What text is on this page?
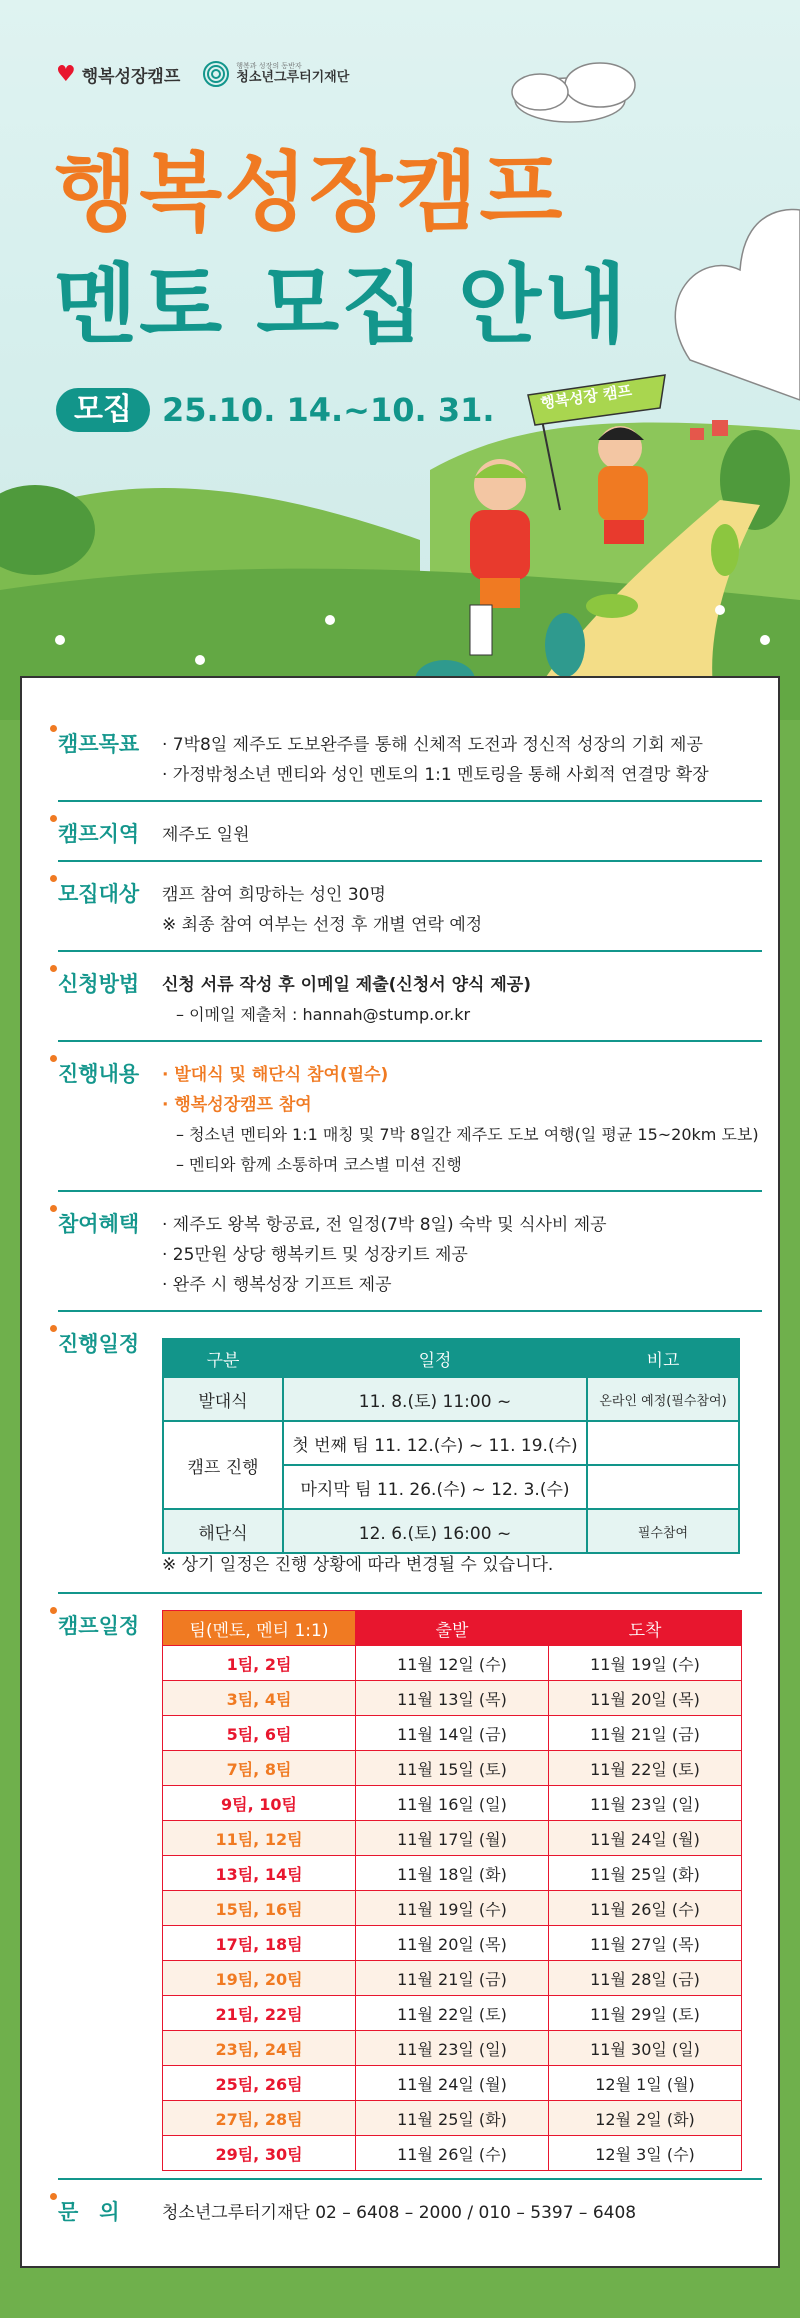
♥ 행복성장캠프
행복과 성장의 동반자
청소년그루터기재단
행복성장캠프
멘토 모집 안내
모집 25.10. 14.~10. 31.	행복성장 캠프
캠프목표 · 7박8일 제주도 도보완주를 통해 신체적 도전과 정신적 성장의 기회 제공
· 가정밖청소년 멘티와 성인 멘토의 1:1 멘토링을 통해 사회적 연결망 확장
캠프지역 제주도 일원
모집대상 캠프 참여 희망하는 성인 30명
※ 최종 참여 여부는 선정 후 개별 연락 예정
신청방법 신청 서류 작성 후 이메일 제출(신청서 양식 제공)
– 이메일 제출처 : hannah@stump.or.kr
진행내용 · 발대식 및 해단식 참여(필수)
· 행복성장캠프 참여
– 청소년 멘티와 1:1 매칭 및 7박 8일간 제주도 도보 여행(일 평균 15~20km 도보)
– 멘티와 함께 소통하며 코스별 미션 진행
참여혜택 · 제주도 왕복 항공료, 전 일정(7박 8일) 숙박 및 식사비 제공
· 25만원 상당 행복키트 및 성장키트 제공
· 완주 시 행복성장 기프트 제공
진행일정
구분	일정	비고
발대식	11. 8.(토) 11:00 ~	온라인 예정(필수참여)
캠프 진행	첫 번째 팀 11. 12.(수) ~ 11. 19.(수)	
	마지막 팀 11. 26.(수) ~ 12. 3.(수)	
해단식	12. 6.(토) 16:00 ~	필수참여
※ 상기 일정은 진행 상황에 따라 변경될 수 있습니다.
캠프일정	팀(멘토, 멘티 1:1)	출발	도착
1팀, 2팀	11월 12일 (수)	11월 19일 (수)
3팀, 4팀	11월 13일 (목)	11월 20일 (목)
5팀, 6팀	11월 14일 (금)	11월 21일 (금)
7팀, 8팀	11월 15일 (토)	11월 22일 (토)
9팀, 10팀	11월 16일 (일)	11월 23일 (일)
11팀, 12팀	11월 17일 (월)	11월 24일 (월)
13팀, 14팀	11월 18일 (화)	11월 25일 (화)
15팀, 16팀	11월 19일 (수)	11월 26일 (수)
17팀, 18팀	11월 20일 (목)	11월 27일 (목)
19팀, 20팀	11월 21일 (금)	11월 28일 (금)
21팀, 22팀	11월 22일 (토)	11월 29일 (토)
23팀, 24팀	11월 23일 (일)	11월 30일 (일)
25팀, 26팀	11월 24일 (월)	12월 1일 (월)
27팀, 28팀	11월 25일 (화)	12월 2일 (화)
29팀, 30팀	11월 26일 (수)	12월 3일 (수)
문　의 청소년그루터기재단 02 – 6408 – 2000 / 010 – 5397 – 6408
